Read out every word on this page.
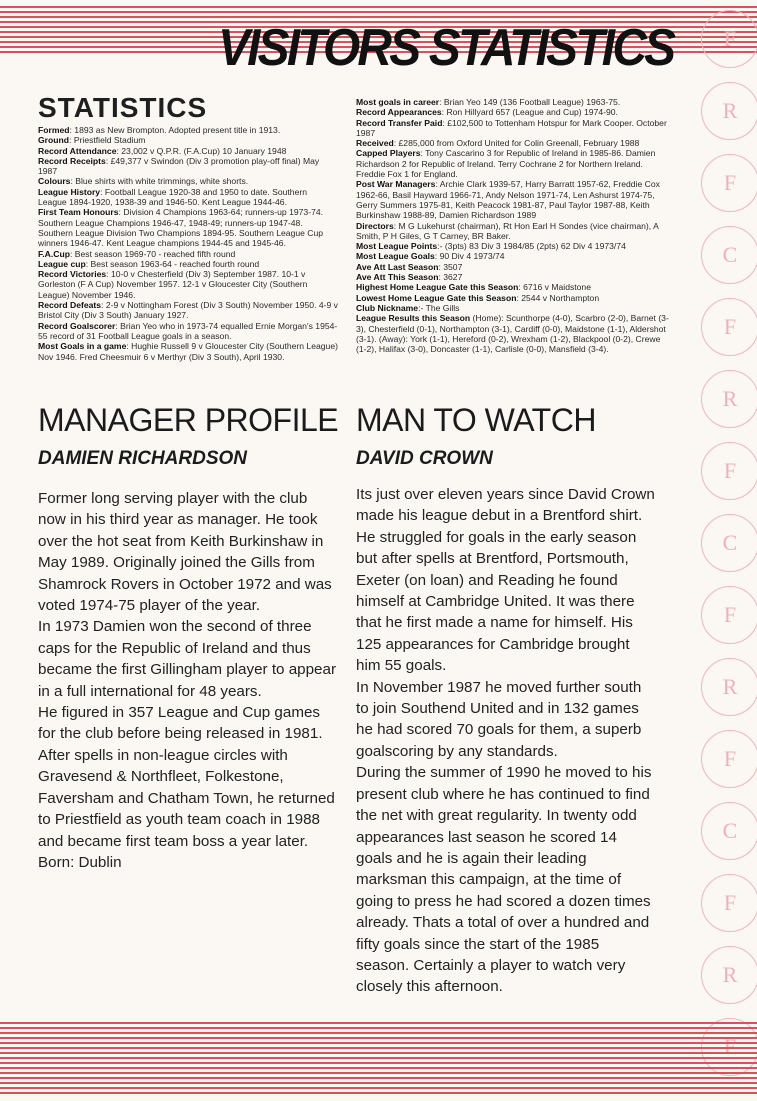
F
R
F
C
F
R
F
C
F
R
F
C
F
R
VISITORS STATISTICS
STATISTICS

Formed: 1893 as New Brompton. Adopted present title in 1913.

Ground: Priestfield Stadium

Record Attendance: 23,002 v Q.P.R. (F.A.Cup) 10 January 1948

Record Receipts: £49,377 v Swindon (Div 3 promotion play-off final) May 1987

Colours: Blue shirts with white trimmings, white shorts.

League History: Football League 1920-38 and 1950 to date. Southern League 1894-1920, 1938-39 and 1946-50. Kent League 1944-46.

First Team Honours: Division 4 Champions 1963-64; runners-up 1973-74. Southern League Champions 1946-47, 1948-49; runners-up 1947-48. Southern League Division Two Champions 1894-95. Southern League Cup winners 1946-47. Kent League champions 1944-45 and 1945-46.

F.A.Cup: Best season 1969-70 - reached fifth round

League cup: Best season 1963-64 - reached fourth round

Record Victories: 10-0 v Chesterfield (Div 3) September 1987. 10-1 v Gorleston (F A Cup) November 1957. 12-1 v Gloucester City (Southern League) November 1946.

Record Defeats: 2-9 v Nottingham Forest (Div 3 South) November 1950. 4-9 v Bristol City (Div 3 South) January 1927.

Record Goalscorer: Brian Yeo who in 1973-74 equalled Ernie Morgan's 1954-55 record of 31 Football League goals in a season.

Most Goals in a game: Hughie Russell 9 v Gloucester City (Southern League) Nov 1946. Fred Cheesmuir 6 v Merthyr (Div 3 South), April 1930.

Most goals in career: Brian Yeo 149 (136 Football League) 1963-75.

Record Appearances: Ron Hillyard 657 (League and Cup) 1974-90.

Record Transfer Paid: £102,500 to Tottenham Hotspur for Mark Cooper. October 1987

Received: £285,000 from Oxford United for Colin Greenall, February 1988

Capped Players: Tony Cascarino 3 for Republic of Ireland in 1985-86. Damien Richardson 2 for Republic of Ireland. Terry Cochrane 2 for Northern Ireland. Freddie Fox 1 for England.

Post War Managers: Archie Clark 1939-57, Harry Barratt 1957-62, Freddie Cox 1962-66, Basil Hayward 1966-71, Andy Nelson 1971-74, Len Ashurst 1974-75, Gerry Summers 1975-81, Keith Peacock 1981-87, Paul Taylor 1987-88, Keith Burkinshaw 1988-89, Damien Richardson 1989

Directors: M G Lukehurst (chairman), Rt Hon Earl H Sondes (vice chairman), A Smith, P H Giles, G T Carney, BR Baker.

Most League Points:- (3pts) 83 Div 3 1984/85 (2pts) 62 Div 4 1973/74

Most League Goals: 90 Div 4 1973/74

Ave Att Last Season: 3507

Ave Att This Season: 3627

Highest Home League Gate this Season: 6716 v Maidstone

Lowest Home League Gate this Season: 2544 v Northampton

Club Nickname:- The Gills

League Results this Season (Home): Scunthorpe (4-0), Scarbro (2-0), Barnet (3-3), Chesterfield (0-1), Northampton (3-1), Cardiff (0-0), Maidstone (1-1), Aldershot (3-1). (Away): York (1-1), Hereford (0-2), Wrexham (1-2), Blackpool (0-2), Crewe (1-2), Halifax (3-0), Doncaster (1-1), Carlisle (0-0), Mansfield (3-4).

MANAGER PROFILE
DAMIEN RICHARDSON

Former long serving player with the club now in his third year as manager. He took over the hot seat from Keith Burkinshaw in May 1989. Originally joined the Gills from Shamrock Rovers in October 1972 and was voted 1974-75 player of the year.

In 1973 Damien won the second of three caps for the Republic of Ireland and thus became the first Gillingham player to appear in a full international for 48 years.

He figured in 357 League and Cup games for the club before being released in 1981. After spells in non-league circles with Gravesend & Northfleet, Folkestone, Faversham and Chatham Town, he returned to Priestfield as youth team coach in 1988 and became first team boss a year later. Born: Dublin

MAN TO WATCH
DAVID CROWN

Its just over eleven years since David Crown made his league debut in a Brentford shirt. He struggled for goals in the early season but after spells at Brentford, Portsmouth, Exeter (on loan) and Reading he found himself at Cambridge United. It was there that he first made a name for himself. His 125 appearances for Cambridge brought him 55 goals.

In November 1987 he moved further south to join Southend United and in 132 games he had scored 70 goals for them, a superb goalscoring by any standards.

During the summer of 1990 he moved to his present club where he has continued to find the net with great regularity. In twenty odd appearances last season he scored 14 goals and he is again their leading marksman this campaign, at the time of going to press he had scored a dozen times already. Thats a total of over a hundred and fifty goals since the start of the 1985 season. Certainly a player to watch very closely this afternoon.
